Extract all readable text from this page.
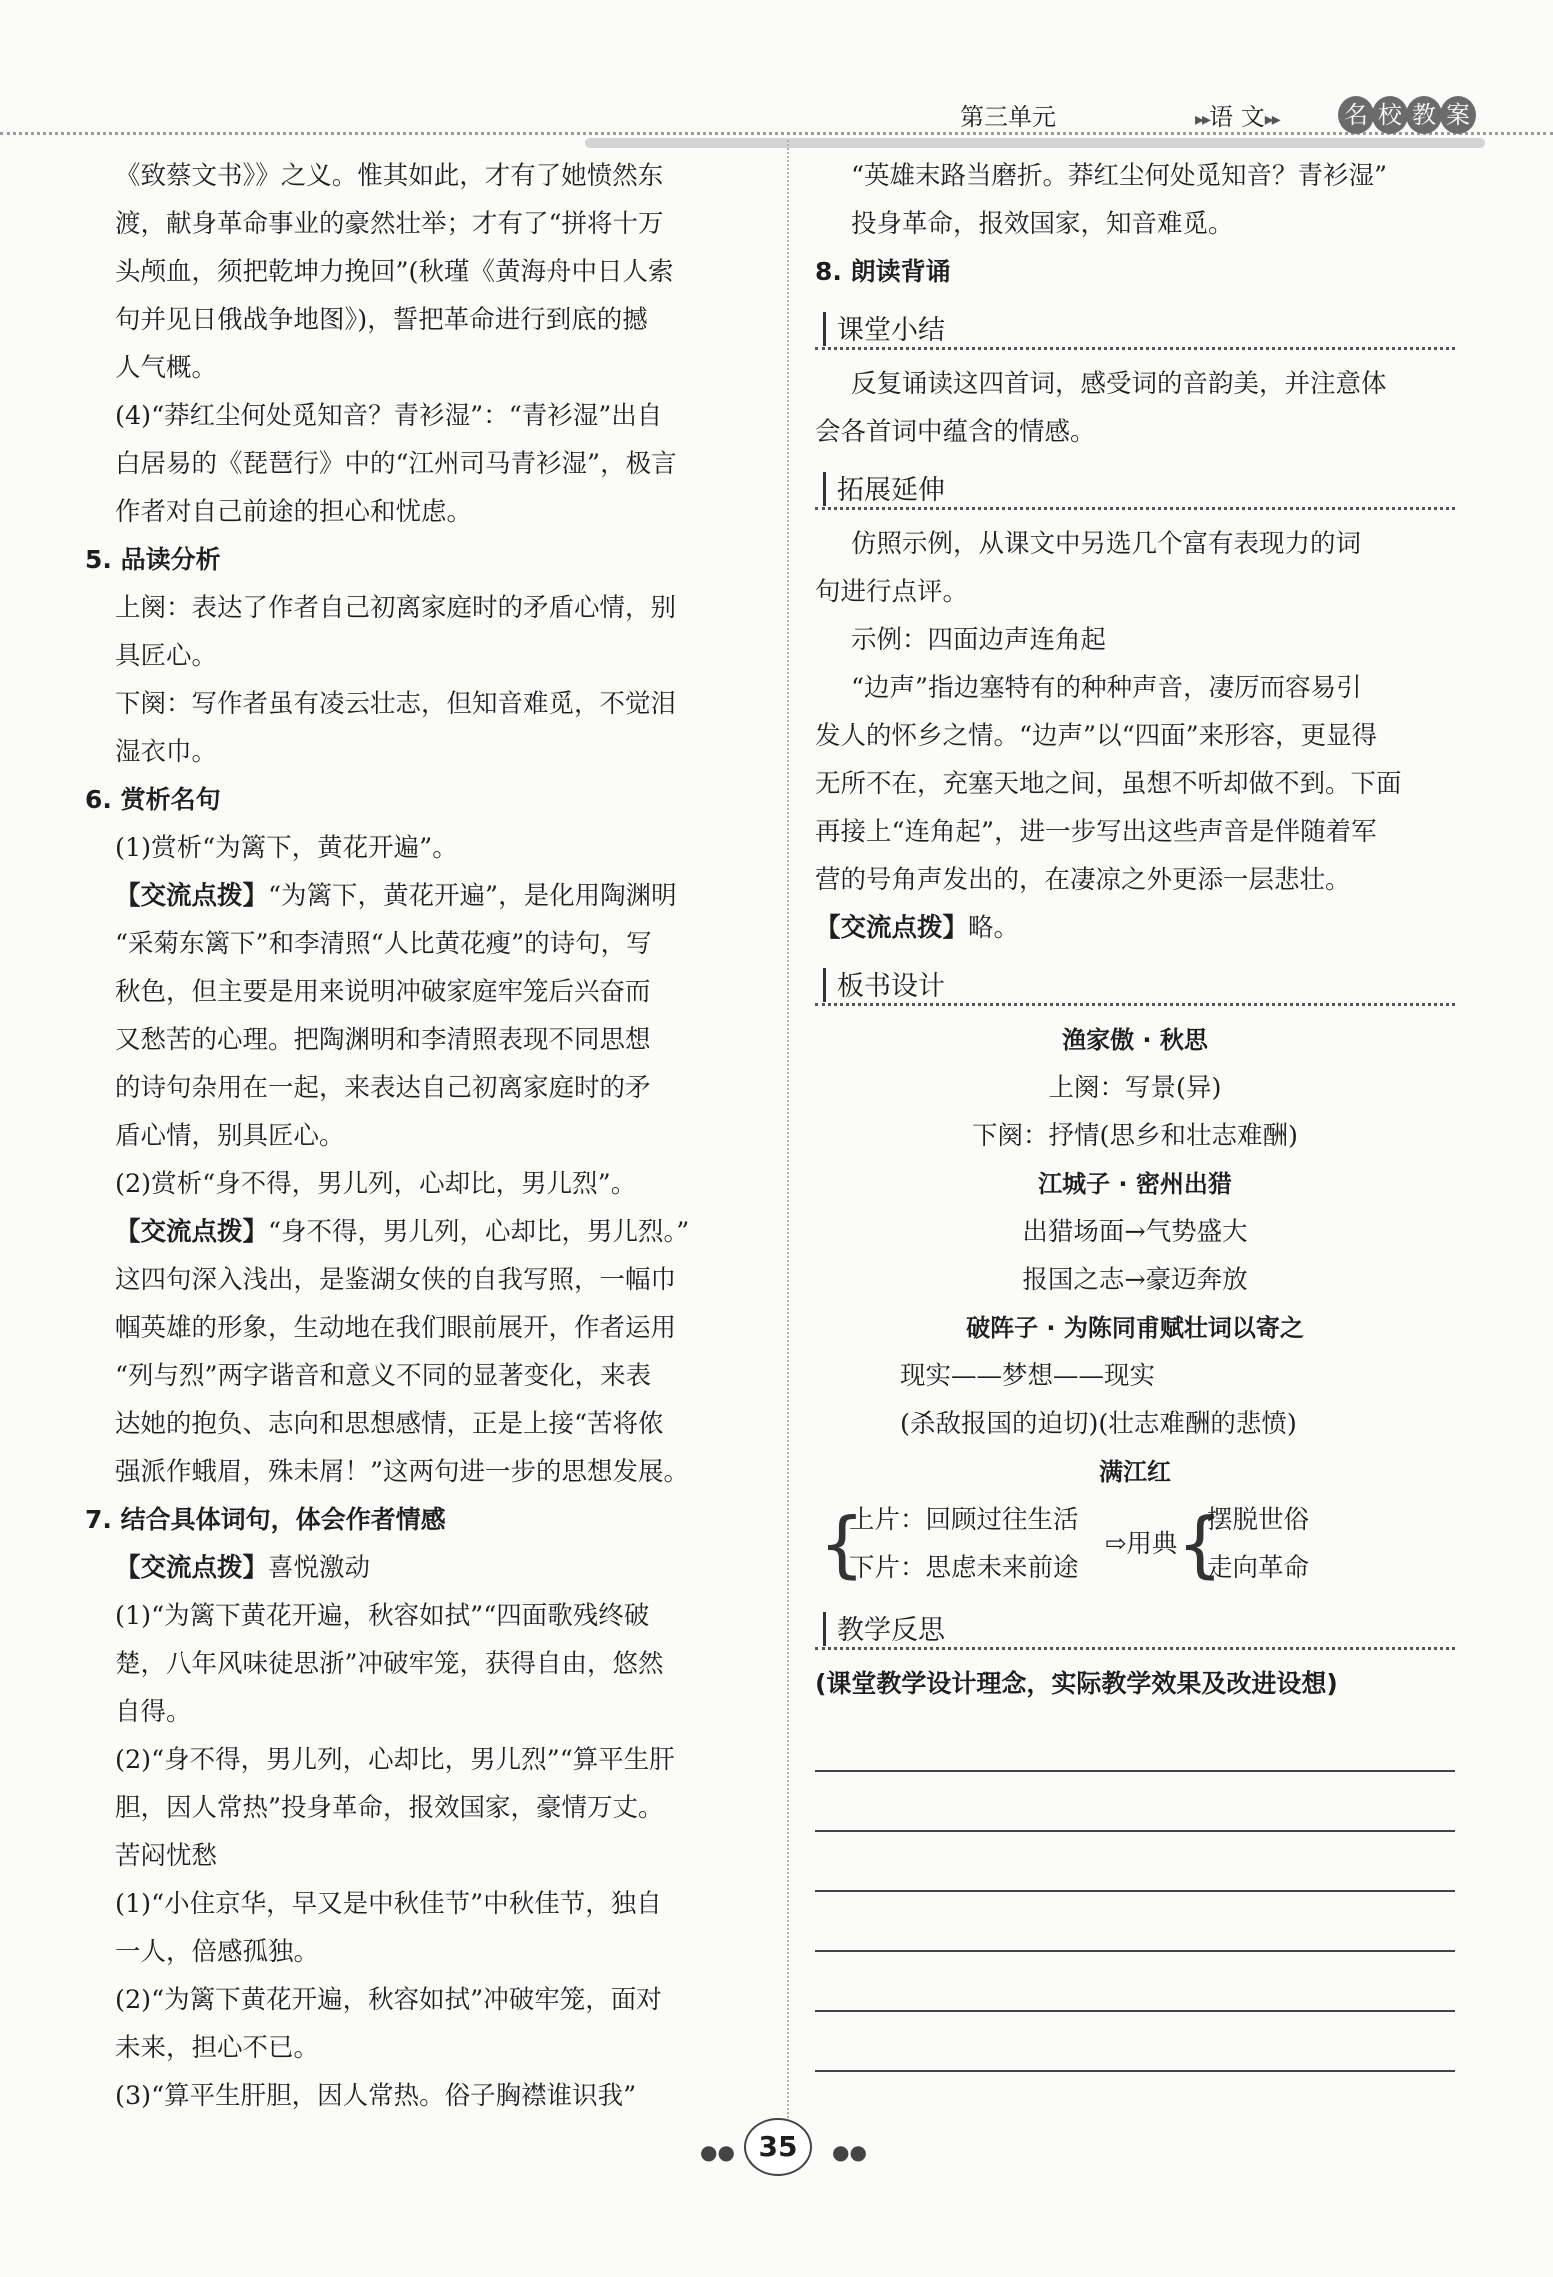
第三单元	▸▸语 文▸▸	名 校 教 案

《致蔡文书》》之义。惟其如此，才有了她愤然东

渡，献身革命事业的豪然壮举；才有了“拼将十万

头颅血，须把乾坤力挽回”(秋瑾《黄海舟中日人索

句并见日俄战争地图》)，誓把革命进行到底的撼

人气概。

(4)“莽红尘何处觅知音？青衫湿”：“青衫湿”出自

白居易的《琵琶行》中的“江州司马青衫湿”，极言

作者对自己前途的担心和忧虑。

5. 品读分析

上阕：表达了作者自己初离家庭时的矛盾心情，别

具匠心。

下阕：写作者虽有凌云壮志，但知音难觅，不觉泪

湿衣巾。

6. 赏析名句

(1)赏析“为篱下，黄花开遍”。

【交流点拨】“为篱下，黄花开遍”，是化用陶渊明

“采菊东篱下”和李清照“人比黄花瘦”的诗句，写

秋色，但主要是用来说明冲破家庭牢笼后兴奋而

又愁苦的心理。把陶渊明和李清照表现不同思想

的诗句杂用在一起，来表达自己初离家庭时的矛

盾心情，别具匠心。

(2)赏析“身不得，男儿列，心却比，男儿烈”。

【交流点拨】“身不得，男儿列，心却比，男儿烈。”

这四句深入浅出，是鉴湖女侠的自我写照，一幅巾

帼英雄的形象，生动地在我们眼前展开，作者运用

“列与烈”两字谐音和意义不同的显著变化，来表

达她的抱负、志向和思想感情，正是上接“苦将侬

强派作蛾眉，殊未屑！”这两句进一步的思想发展。

7. 结合具体词句，体会作者情感

【交流点拨】喜悦激动

(1)“为篱下黄花开遍，秋容如拭”“四面歌残终破

楚，八年风味徒思浙”冲破牢笼，获得自由，悠然

自得。

(2)“身不得，男儿列，心却比，男儿烈”“算平生肝

胆，因人常热”投身革命，报效国家，豪情万丈。

苦闷忧愁

(1)“小住京华，早又是中秋佳节”中秋佳节，独自

一人，倍感孤独。

(2)“为篱下黄花开遍，秋容如拭”冲破牢笼，面对

未来，担心不已。

(3)“算平生肝胆，因人常热。俗子胸襟谁识我”

“英雄末路当磨折。莽红尘何处觅知音？青衫湿”

投身革命，报效国家，知音难觅。

8. 朗读背诵

课堂小结

反复诵读这四首词，感受词的音韵美，并注意体

会各首词中蕴含的情感。

拓展延伸

仿照示例，从课文中另选几个富有表现力的词

句进行点评。

示例：四面边声连角起

“边声”指边塞特有的种种声音，凄厉而容易引

发人的怀乡之情。“边声”以“四面”来形容，更显得

无所不在，充塞天地之间，虽想不听却做不到。下面

再接上“连角起”，进一步写出这些声音是伴随着军

营的号角声发出的，在凄凉之外更添一层悲壮。

【交流点拨】略。

板书设计

渔家傲 · 秋思

上阕：写景(异)

下阕：抒情(思乡和壮志难酬)

江城子 · 密州出猎

出猎场面→气势盛大

报国之志→豪迈奔放

破阵子 · 为陈同甫赋壮词以寄之

现实——梦想——现实

(杀敌报国的迫切)(壮志难酬的悲愤)

满江红

{
上片：回顾过往生活
下片：思虑未来前途
⇨用典 {
摆脱世俗
走向革命
教学反思

(课堂教学设计理念，实际教学效果及改进设想)

●● 35	●●
